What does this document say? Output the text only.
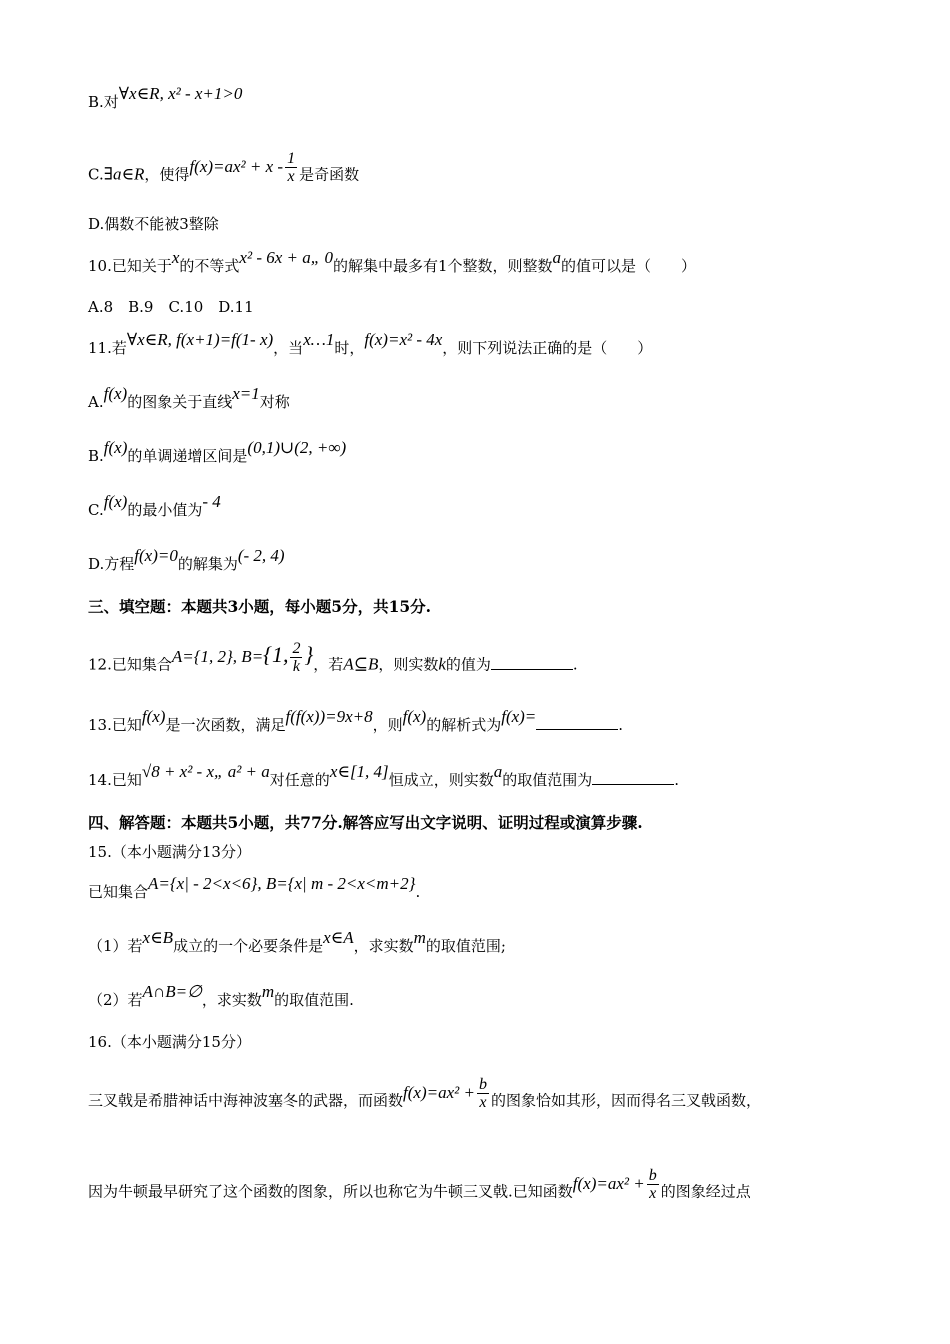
B.对∀x∈R, x² - x+1>0
C.∃a∈R，使得$f(x)=ax^2 + x - \frac{1}{x}$ 是奇函数
D.偶数不能被3整除
10.已知关于x的不等式x² - 6x + a„ 0的解集中最多有1个整数，则整数a的值可以是（　　）
A.8　B.9　C.10　D.11
11.若∀x∈R, f(x+1)=f(1- x)，当x…1时，f(x)=x² - 4x，则下列说法正确的是（　　）
A.f(x)的图象关于直线x=1对称
B.f(x)的单调递增区间是(0,1)∪(2, +∞)
C.f(x)的最小值为- 4
D.方程f(x)=0的解集为(- 2, 4)
三、填空题：本题共3小题，每小题5分，共15分.
12.已知集合A={1, 2}, B={1, $\frac{2}{k}$ }，若A⊆B，则实数k的值为	.
13.已知f(x)是一次函数，满足f(f(x))=9x+8，则f(x)的解析式为f(x)=	.
14.已知√8 + x² - x„ a² + a对任意的x∈[1, 4]恒成立，则实数a的取值范围为	.
四、解答题：本题共5小题，共77分.解答应写出文字说明、证明过程或演算步骤.
15.（本小题满分13分）
已知集合A={x| - 2<x<6}, B={x| m - 2<x<m+2}.
（1）若x∈B成立的一个必要条件是x∈A，求实数m的取值范围;
（2）若A∩B=∅，求实数m的取值范围.
16.（本小题满分15分）
三叉戟是希腊神话中海神波塞冬的武器，而函数$f(x)=ax^2 + \frac{b}{x}$ 的图象恰如其形，因而得名三叉戟函数，
因为牛顿最早研究了这个函数的图象，所以也称它为牛顿三叉戟.已知函数$f(x)=ax^2 + \frac{b}{x}$ 的图象经过点
